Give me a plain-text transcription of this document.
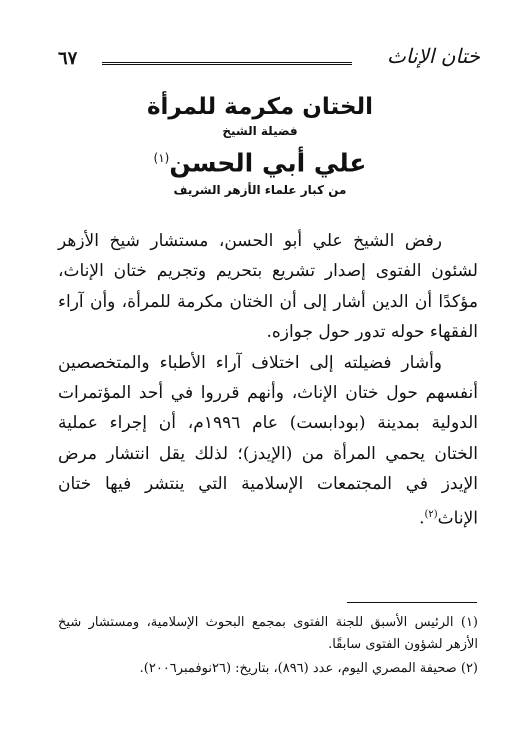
ختان الإناث
٦٧
الختان مكرمة للمرأة
فضيلة الشيخ
علي أبي الحسن$^{(١)}$
من كبار علماء الأزهر الشريف

رفض الشيخ علي أبو الحسن، مستشار شيخ الأزهر لشئون الفتوى إصدار تشريع بتحريم وتجريم ختان الإناث، مؤكدًا أن الدين أشار إلى أن الختان مكرمة للمرأة، وأن آراء الفقهاء حوله تدور حول جوازه.

وأشار فضيلته إلى اختلاف آراء الأطباء والمتخصصين أنفسهم حول ختان الإناث، وأنهم قرروا في أحد المؤتمرات الدولية بمدينة (بودابست) عام ١٩٩٦م، أن إجراء عملية الختان يحمي المرأة من (الإيدز)؛ لذلك يقل انتشار مرض الإيدز في المجتمعات الإسلامية التي ينتشر فيها ختان الإناث$^{(٢)}$.

(١) الرئيس الأسبق للجنة الفتوى بمجمع البحوث الإسلامية، ومستشار شيخ الأزهر لشؤون الفتوى سابقًا.

(٢) صحيفة المصري اليوم، عدد (٨٩٦)، بتاريخ: (٢٦نوفمبر٢٠٠٦).
